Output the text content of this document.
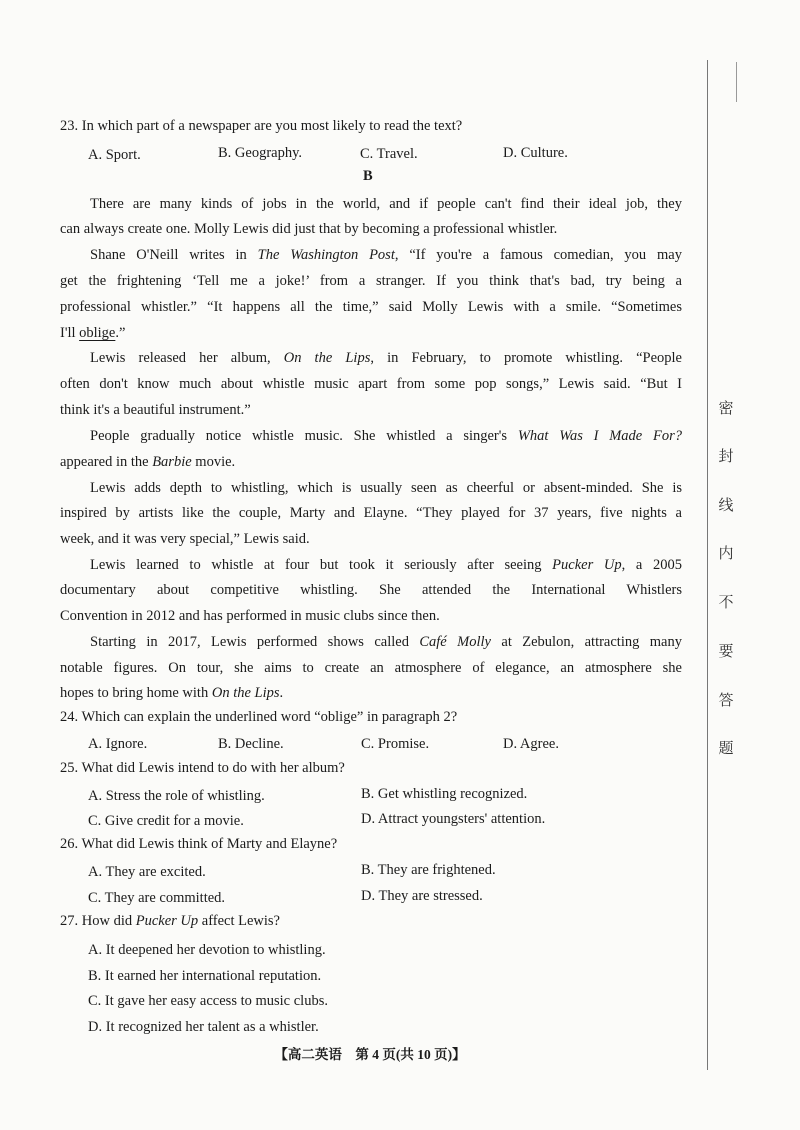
23. In which part of a newspaper are you most likely to read the text?
A. Sport.	B. Geography.	C. Travel.	D. Culture.
B
There are many kinds of jobs in the world, and if people can't find their ideal job, they
can always create one. Molly Lewis did just that by becoming a professional whistler.
Shane O'Neill writes in The Washington Post, “If you're a famous comedian, you may
get the frightening ‘Tell me a joke!’ from a stranger. If you think that's bad, try being a
professional whistler.” “It happens all the time,” said Molly Lewis with a smile. “Sometimes
I'll oblige.”
Lewis released her album, On the Lips, in February, to promote whistling. “People
often don't know much about whistle music apart from some pop songs,” Lewis said. “But I
think it's a beautiful instrument.”
People gradually notice whistle music. She whistled a singer's What Was I Made For?
appeared in the Barbie movie.
Lewis adds depth to whistling, which is usually seen as cheerful or absent-minded. She is
inspired by artists like the couple, Marty and Elayne. “They played for 37 years, five nights a
week, and it was very special,” Lewis said.
Lewis learned to whistle at four but took it seriously after seeing Pucker Up, a 2005
documentary about competitive whistling. She attended the International Whistlers
Convention in 2012 and has performed in music clubs since then.
Starting in 2017, Lewis performed shows called Café Molly at Zebulon, attracting many
notable figures. On tour, she aims to create an atmosphere of elegance, an atmosphere she
hopes to bring home with On the Lips.
24. Which can explain the underlined word “oblige” in paragraph 2?
A. Ignore.	B. Decline.	C. Promise.	D. Agree.
25. What did Lewis intend to do with her album?
A. Stress the role of whistling.	B. Get whistling recognized.
C. Give credit for a movie.	D. Attract youngsters' attention.
26. What did Lewis think of Marty and Elayne?
A. They are excited.	B. They are frightened.
C. They are committed.	D. They are stressed.
27. How did Pucker Up affect Lewis?
A. It deepened her devotion to whistling.
B. It earned her international reputation.
C. It gave her easy access to music clubs.
D. It recognized her talent as a whistler.
密
封
线
内
不
要
答
题
【高二英语　第 4 页(共 10 页)】
